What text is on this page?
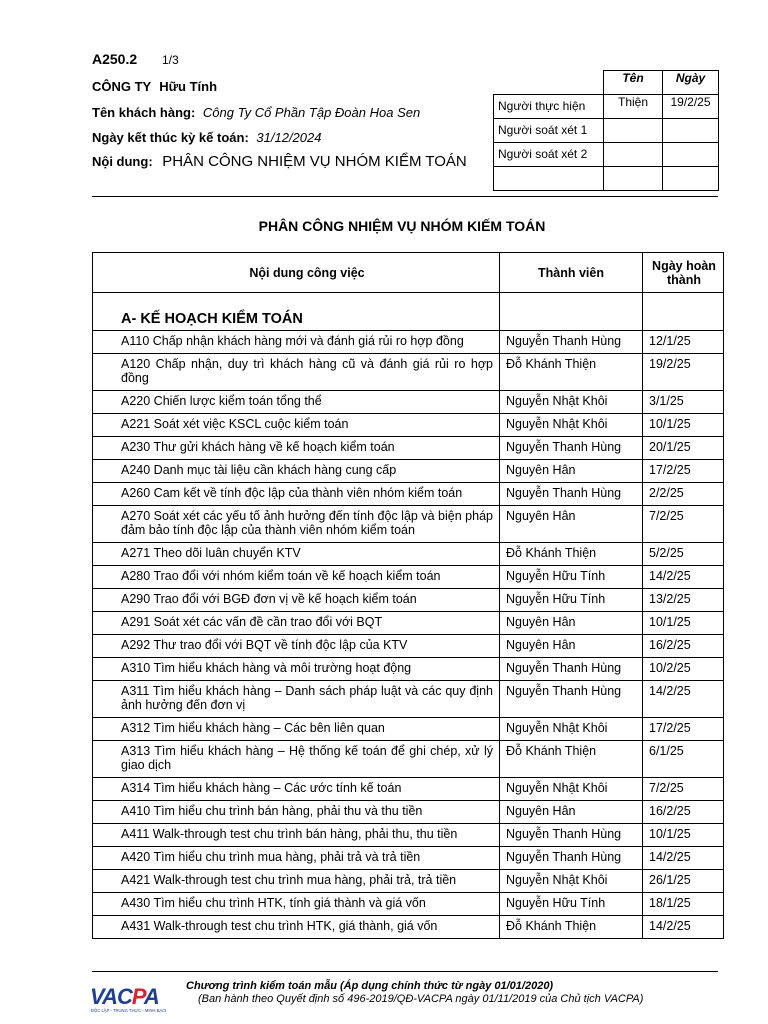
A250.2 1/3
CÔNG TY Hữu Tính
Tên khách hàng: Công Ty Cổ Phần Tập Đoàn Hoa Sen
Ngày kết thúc kỳ kế toán: 31/12/2024
Nội dung: PHÂN CÔNG NHIỆM VỤ NHÓM KIỂM TOÁN
	Tên	Ngày
Người thực hiện	Thiện	19/2/25
Người soát xét 1		
Người soát xét 2		

PHÂN CÔNG NHIỆM VỤ NHÓM KIẾM TOÁN
Nội dung công việc	Thành viên	Ngày hoàn thành
A- KẾ HOẠCH KIỂM TOÁN		
A110 Chấp nhận khách hàng mới và đánh giá rủi ro hợp đồng	Nguyễn Thanh Hùng	12/1/25
A120 Chấp nhận, duy trì khách hàng cũ và đánh giá rủi ro hợp đồng	Đỗ Khánh Thiện	19/2/25
A220 Chiến lược kiểm toán tổng thể	Nguyễn Nhật Khôi	3/1/25
A221 Soát xét việc KSCL cuộc kiểm toán	Nguyễn Nhật Khôi	10/1/25
A230 Thư gửi khách hàng về kế hoạch kiểm toán	Nguyễn Thanh Hùng	20/1/25
A240 Danh mục tài liệu cần khách hàng cung cấp	Nguyên Hân	17/2/25
A260 Cam kết về tính độc lập của thành viên nhóm kiểm toán	Nguyễn Thanh Hùng	2/2/25
A270 Soát xét các yếu tố ảnh hưởng đến tính độc lập và biện pháp đảm bảo tính độc lập của thành viên nhóm kiểm toán	Nguyên Hân	7/2/25
A271 Theo dõi luân chuyển KTV	Đỗ Khánh Thiện	5/2/25
A280 Trao đổi với nhóm kiểm toán về kế hoạch kiểm toán	Nguyễn Hữu Tính	14/2/25
A290 Trao đổi với BGĐ đơn vị về kế hoạch kiểm toán	Nguyễn Hữu Tính	13/2/25
A291 Soát xét các vấn đề cần trao đổi với BQT	Nguyên Hân	10/1/25
A292 Thư trao đổi với BQT về tính độc lập của KTV	Nguyên Hân	16/2/25
A310 Tìm hiểu khách hàng và môi trường hoạt động	Nguyễn Thanh Hùng	10/2/25
A311 Tìm hiểu khách hàng – Danh sách pháp luật và các quy định ảnh hưởng đến đơn vị	Nguyễn Thanh Hùng	14/2/25
A312 Tìm hiểu khách hàng – Các bên liên quan	Nguyễn Nhật Khôi	17/2/25
A313 Tìm hiểu khách hàng – Hệ thống kế toán để ghi chép, xử lý giao dịch	Đỗ Khánh Thiện	6/1/25
A314 Tìm hiểu khách hàng – Các ước tính kế toán	Nguyễn Nhật Khôi	7/2/25
A410 Tìm hiểu chu trình bán hàng, phải thu và thu tiền	Nguyên Hân	16/2/25
A411 Walk-through test chu trình bán hàng, phải thu, thu tiền	Nguyễn Thanh Hùng	10/1/25
A420 Tìm hiểu chu trình mua hàng, phải trả và trả tiền	Nguyễn Thanh Hùng	14/2/25
A421 Walk-through test chu trình mua hàng, phải trả, trả tiền	Nguyễn Nhật Khôi	26/1/25
A430 Tìm hiểu chu trình HTK, tính giá thành và giá vốn	Nguyễn Hữu Tính	18/1/25
A431 Walk-through test chu trình HTK, giá thành, giá vốn	Đỗ Khánh Thiện	14/2/25
VACPA
ĐỘC LẬP - TRUNG THỰC - MINH BẠCH
Chương trình kiểm toán mẫu (Áp dụng chính thức từ ngày 01/01/2020)
(Ban hành theo Quyết định số 496-2019/QĐ-VACPA ngày 01/11/2019 của Chủ tịch VACPA)
